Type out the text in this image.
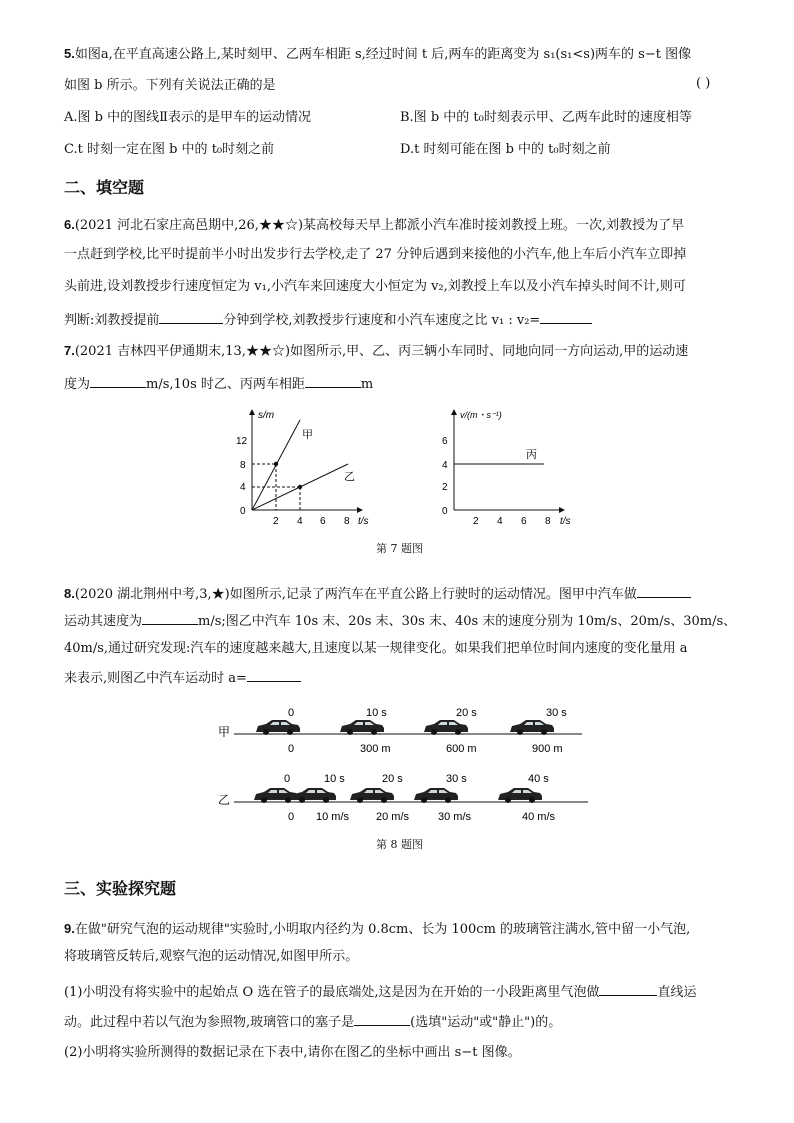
5.如图a,在平直高速公路上,某时刻甲、乙两车相距 s,经过时间 t 后,两车的距离变为 s₁(s₁<s)两车的 s−t 图像
如图 b 所示。下列有关说法正确的是	( )
A.图 b 中的图线Ⅱ表示的是甲车的运动情况	B.图 b 中的 t₀时刻表示甲、乙两车此时的速度相等
C.t 时刻一定在图 b 中的 t₀时刻之前	D.t 时刻可能在图 b 中的 t₀时刻之前
二、填空题
6.(2021 河北石家庄高邑期中,26,★★☆)某高校每天早上都派小汽车准时接刘教授上班。一次,刘教授为了早
一点赶到学校,比平时提前半小时出发步行去学校,走了 27 分钟后遇到来接他的小汽车,他上车后小汽车立即掉
头前进,设刘教授步行速度恒定为 v₁,小汽车来回速度大小恒定为 v₂,刘教授上车以及小汽车掉头时间不计,则可
判断:刘教授提前	分钟到学校,刘教授步行速度和小汽车速度之比 v₁ : v₂=
7.(2021 吉林四平伊通期末,13,★★☆)如图所示,甲、乙、丙三辆小车同时、同地向同一方向运动,甲的运动速
度为	m/s,10s 时乙、丙两车相距	m
s/m
t/s
12
8
4
0
2 4 6 8
甲
乙
v/(m・s⁻¹)
t/s
6
4
2
0
2 4 6 8
丙
第 7 题图
8.(2020 湖北荆州中考,3,★)如图所示,记录了两汽车在平直公路上行驶时的运动情况。图甲中汽车做
运动其速度为	m/s;图乙中汽车 10s 末、20s 末、30s 末、40s 末的速度分别为 10m/s、20m/s、30m/s、
40m/s,通过研究发现:汽车的速度越来越大,且速度以某一规律变化。如果我们把单位时间内速度的变化量用 a
来表示,则图乙中汽车运动时 a=
甲
0	10 s	20 s	30 s
0	300 m	600 m	900 m
乙
0	10 s	20 s	30 s	40 s
0 10 m/s 20 m/s	30 m/s	40 m/s
第 8 题图
三、实验探究题
9.在做"研究气泡的运动规律"实验时,小明取内径约为 0.8cm、长为 100cm 的玻璃管注满水,管中留一小气泡,
将玻璃管反转后,观察气泡的运动情况,如图甲所示。
(1)小明没有将实验中的起始点 O 选在管子的最底端处,这是因为在开始的一小段距离里气泡做	直线运
动。此过程中若以气泡为参照物,玻璃管口的塞子是	(选填"运动"或"静止")的。
(2)小明将实验所测得的数据记录在下表中,请你在图乙的坐标中画出 s−t 图像。
